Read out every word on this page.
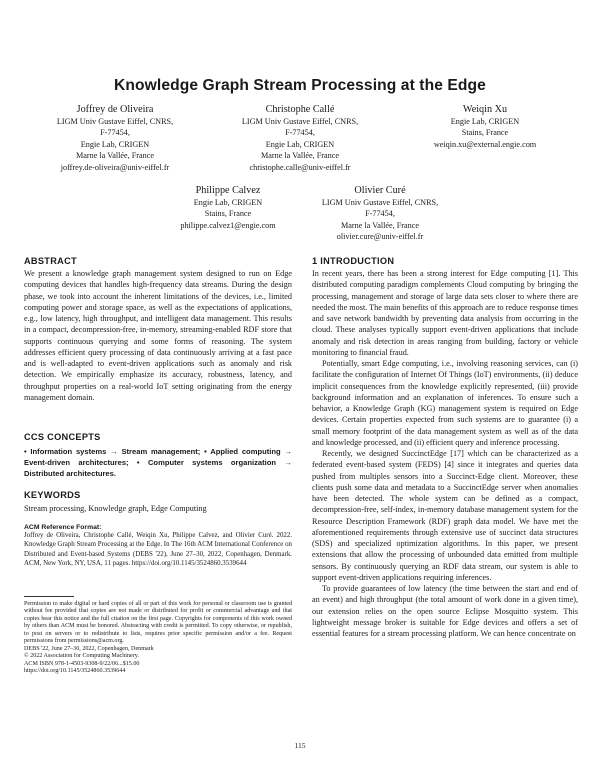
Knowledge Graph Stream Processing at the Edge
Joffrey de Oliveira
LIGM Univ Gustave Eiffel, CNRS,
F-77454,
Engie Lab, CRIGEN
Marne la Vallée, France
joffrey.de-oliveira@univ-eiffel.fr
Christophe Callé
LIGM Univ Gustave Eiffel, CNRS,
F-77454,
Engie Lab, CRIGEN
Marne la Vallée, France
christophe.calle@univ-eiffel.fr
Weiqin Xu
Engie Lab, CRIGEN
Stains, France
weiqin.xu@external.engie.com
Philippe Calvez
Engie Lab, CRIGEN
Stains, France
philippe.calvez1@engie.com
Olivier Curé
LIGM Univ Gustave Eiffel, CNRS,
F-77454,
Marne la Vallée, France
olivier.cure@univ-eiffel.fr
ABSTRACT

We present a knowledge graph management system designed to run on Edge computing devices that handles high-frequency data streams. During the design phase, we took into account the inherent limitations of the devices, i.e., limited computing power and storage space, as well as the expectations of applications, e.g., low latency, high throughput, and intelligent data management. This results in a compact, decompression-free, in-memory, streaming-enabled RDF store that supports continuous querying and some forms of reasoning. The system addresses efficient query processing of data continuously arriving at a fast pace and is well-adapted to event-driven applications such as anomaly and risk detection. We empirically emphasize its accuracy, robustness, latency, and throughput properties on a real-world IoT setting originating from the energy management domain.

CCS CONCEPTS

• Information systems → Stream management; • Applied computing → Event-driven architectures; • Computer systems organization → Distributed architectures.

KEYWORDS

Stream processing, Knowledge graph, Edge Computing

ACM Reference Format:
Joffrey de Oliveira, Christophe Callé, Weiqin Xu, Philippe Calvez, and Olivier Curé. 2022. Knowledge Graph Stream Processing at the Edge. In The 16th ACM International Conference on Distributed and Event-based Systems (DEBS '22), June 27–30, 2022, Copenhagen, Denmark. ACM, New York, NY, USA, 11 pages. https://doi.org/10.1145/3524860.3539644
Permission to make digital or hard copies of all or part of this work for personal or classroom use is granted without fee provided that copies are not made or distributed for profit or commercial advantage and that copies bear this notice and the full citation on the first page. Copyrights for components of this work owned by others than ACM must be honored. Abstracting with credit is permitted. To copy otherwise, or republish, to post on servers or to redistribute to lists, requires prior specific permission and/or a fee. Request permissions from permissions@acm.org.
DEBS '22, June 27–30, 2022, Copenhagen, Denmark
© 2022 Association for Computing Machinery.
ACM ISBN 978-1-4503-9308-9/22/06...$15.00
https://doi.org/10.1145/3524860.3539644
1 INTRODUCTION

In recent years, there has been a strong interest for Edge computing [1]. This distributed computing paradigm complements Cloud computing by bringing the processing, management and storage of large data sets closer to where there are needed the most. The main benefits of this approach are to reduce response times and save network bandwidth by preventing data analysis from occurring in the cloud. These analyses typically support event-driven applications that include anomaly and risk detection in areas ranging from building, factory or vehicle monitoring to financial fraud.

Potentially, smart Edge computing, i.e., involving reasoning services, can (i) facilitate the configuration of Internet Of Things (IoT) environments, (ii) deduce implicit consequences from the knowledge explicitly represented, (iii) provide background information and an explanation of inferences. To ensure such a behavior, a Knowledge Graph (KG) management system is required on Edge devices. Certain properties expected from such systems are to guarantee (i) a small memory footprint of the data management system as well as of the data and knowledge processed, and (ii) efficient query and inference processing.

Recently, we designed SuccinctEdge [17] which can be characterized as a federated event-based system (FEDS) [4] since it integrates and queries data pushed from multiples sensors into a Succinct-Edge client. Moreover, these clients push some data and metadata to a SuccinctEdge server when anomalies have been detected. The whole system can be defined as a compact, decompression-free, self-index, in-memory database management system for the Resource Description Framework (RDF) graph data model. We have met the aforementioned requirements through extensive use of succinct data structures (SDS) and specialized optimization algorithms. In this paper, we present extensions that allow the processing of unbounded data emitted from multiple sensors. By continuously querying an RDF data stream, our system is able to support event-driven applications requiring inferences.

To provide guarantees of low latency (the time between the start and end of an event) and high throughput (the total amount of work done in a given time), our extension relies on the open source Eclipse Mosquitto system. This lightweight message broker is suitable for Edge devices and offers a set of essential features for a stream processing platform. We can hence concentrate on

115
